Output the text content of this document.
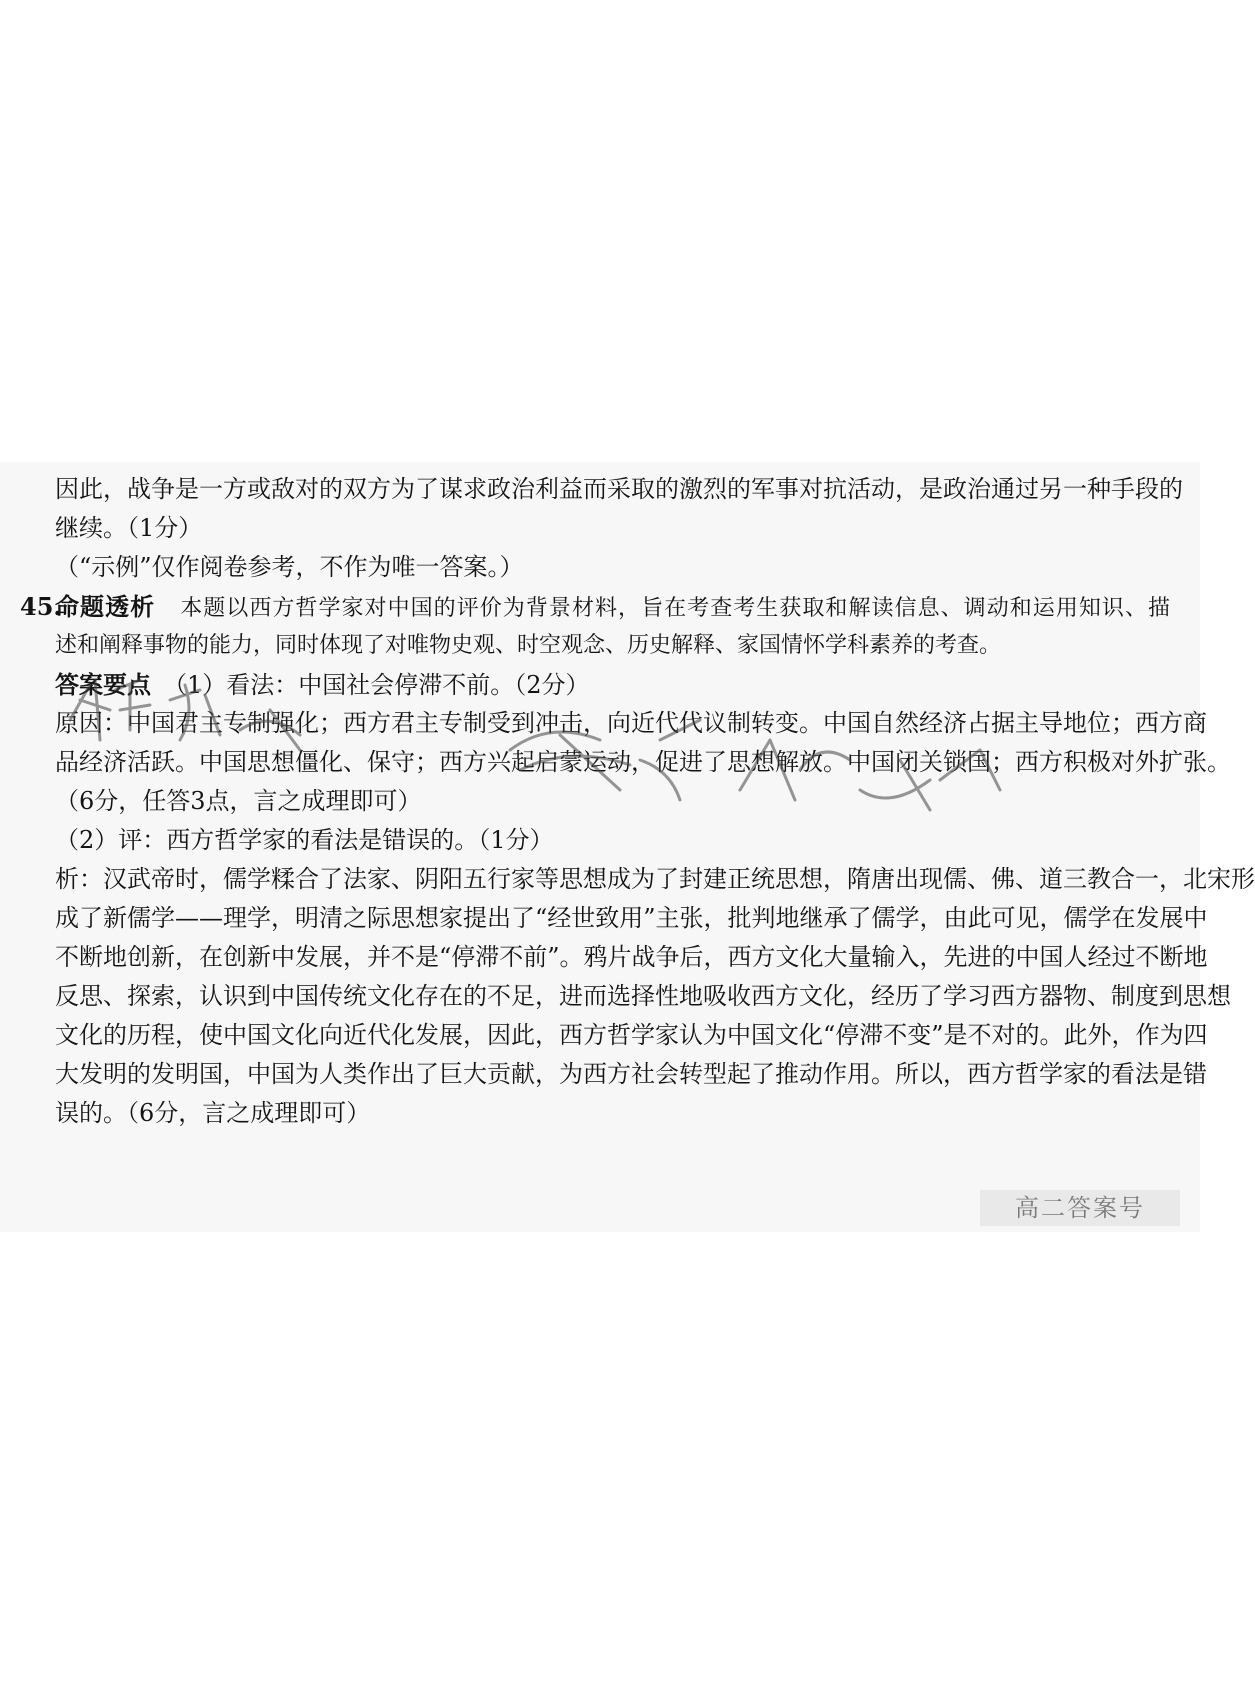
因此，战争是一方或敌对的双方为了谋求政治利益而采取的激烈的军事对抗活动，是政治通过另一种手段的
继续。（1分）
（“示例”仅作阅卷参考，不作为唯一答案。）
45.
命题透析　 本题以西方哲学家对中国的评价为背景材料，旨在考查考生获取和解读信息、调动和运用知识、描
述和阐释事物的能力，同时体现了对唯物史观、时空观念、历史解释、家国情怀学科素养的考查。
答案要点　 （1）看法：中国社会停滞不前。（2分）
原因：中国君主专制强化；西方君主专制受到冲击，向近代代议制转变。中国自然经济占据主导地位；西方商
品经济活跃。中国思想僵化、保守；西方兴起启蒙运动，促进了思想解放。中国闭关锁国；西方积极对外扩张。
（6分，任答3点，言之成理即可）
（2）评：西方哲学家的看法是错误的。（1分）
析：汉武帝时，儒学糅合了法家、阴阳五行家等思想成为了封建正统思想，隋唐出现儒、佛、道三教合一，北宋形
成了新儒学——理学，明清之际思想家提出了“经世致用”主张，批判地继承了儒学，由此可见，儒学在发展中
不断地创新，在创新中发展，并不是“停滞不前”。鸦片战争后，西方文化大量输入，先进的中国人经过不断地
反思、探索，认识到中国传统文化存在的不足，进而选择性地吸收西方文化，经历了学习西方器物、制度到思想
文化的历程，使中国文化向近代化发展，因此，西方哲学家认为中国文化“停滞不变”是不对的。此外，作为四
大发明的发明国，中国为人类作出了巨大贡献，为西方社会转型起了推动作用。所以，西方哲学家的看法是错
误的。（6分，言之成理即可）
高二答案号
